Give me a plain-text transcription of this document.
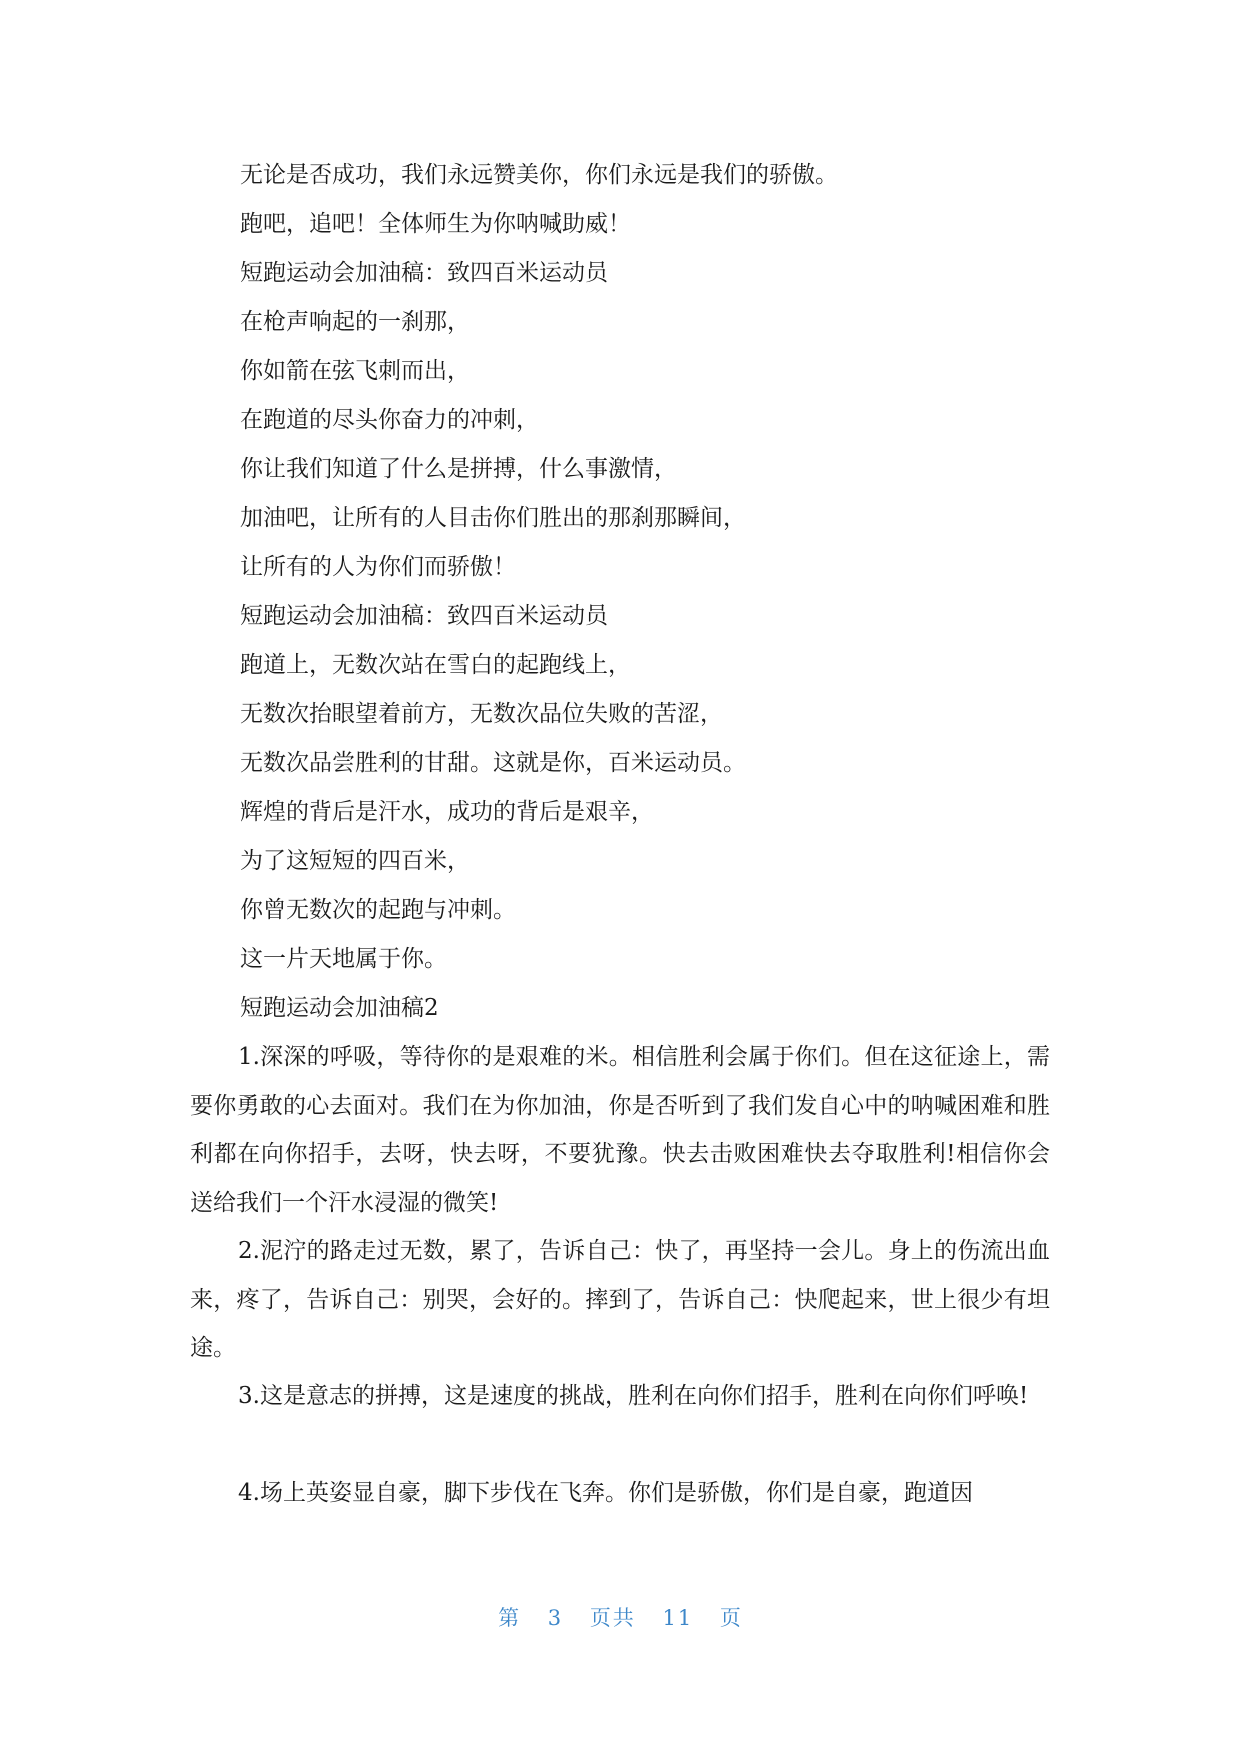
无论是否成功，我们永远赞美你，你们永远是我们的骄傲。
跑吧，追吧！全体师生为你呐喊助威！
短跑运动会加油稿：致四百米运动员
在枪声响起的一刹那，
你如箭在弦飞刺而出，
在跑道的尽头你奋力的冲刺，
你让我们知道了什么是拼搏，什么事激情，
加油吧，让所有的人目击你们胜出的那刹那瞬间，
让所有的人为你们而骄傲！
短跑运动会加油稿：致四百米运动员
跑道上，无数次站在雪白的起跑线上，
无数次抬眼望着前方，无数次品位失败的苦涩，
无数次品尝胜利的甘甜。这就是你，百米运动员。
辉煌的背后是汗水，成功的背后是艰辛，
为了这短短的四百米，
你曾无数次的起跑与冲刺。
这一片天地属于你。
短跑运动会加油稿2
1.深深的呼吸，等待你的是艰难的米。相信胜利会属于你们。但在这征途上，需要你勇敢的心去面对。我们在为你加油，你是否听到了我们发自心中的呐喊困难和胜利都在向你招手，去呀，快去呀，不要犹豫。快去击败困难快去夺取胜利!相信你会送给我们一个汗水浸湿的微笑!
2.泥泞的路走过无数，累了，告诉自己：快了，再坚持一会儿。身上的伤流出血来，疼了，告诉自己：别哭，会好的。摔到了，告诉自己：快爬起来，世上很少有坦途。
3.这是意志的拼搏，这是速度的挑战，胜利在向你们招手，胜利在向你们呼唤!
4.场上英姿显自豪，脚下步伐在飞奔。你们是骄傲，你们是自豪，跑道因
第 3 页共 11 页
